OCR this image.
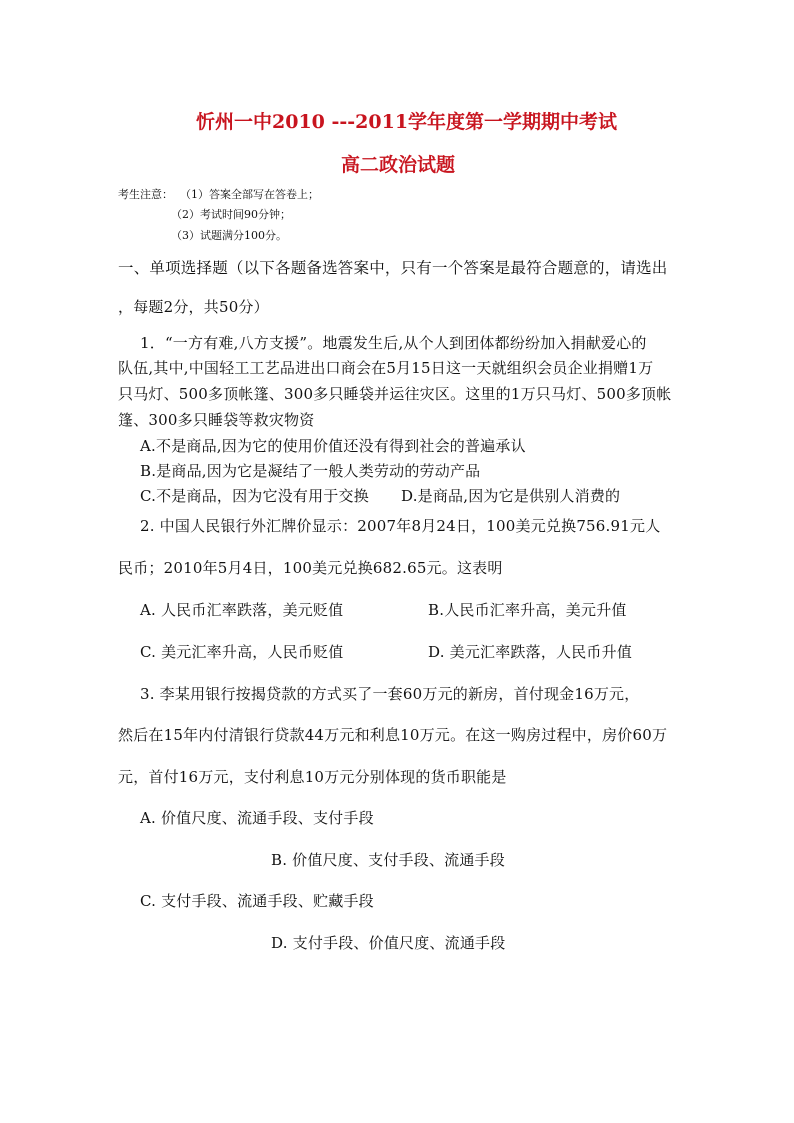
忻州一中2010 ---2011学年度第一学期期中考试
高二政治试题
考生注意： （1）答案全部写在答卷上；
（2）考试时间90分钟；
（3）试题满分100分。
一、单项选择题（以下各题备选答案中，只有一个答案是最符合题意的，请选出
，每题2分，共50分）
1．“一方有难,八方支援”。地震发生后,从个人到团体都纷纷加入捐献爱心的
队伍,其中,中国轻工工艺品进出口商会在5月15日这一天就组织会员企业捐赠1万
只马灯、500多顶帐篷、300多只睡袋并运往灾区。这里的1万只马灯、500多顶帐
篷、300多只睡袋等救灾物资
A.不是商品,因为它的使用价值还没有得到社会的普遍承认
B.是商品,因为它是凝结了一般人类劳动的劳动产品
C.不是商品，因为它没有用于交换 D.是商品,因为它是供别人消费的
2. 中国人民银行外汇牌价显示：2007年8月24日，100美元兑换756.91元人
民币；2010年5月4日，100美元兑换682.65元。这表明
A. 人民币汇率跌落，美元贬值	B.人民币汇率升高，美元升值
C. 美元汇率升高，人民币贬值	D. 美元汇率跌落，人民币升值
3. 李某用银行按揭贷款的方式买了一套60万元的新房，首付现金16万元，
然后在15年内付清银行贷款44万元和利息10万元。在这一购房过程中，房价60万
元，首付16万元，支付利息10万元分别体现的货币职能是
A. 价值尺度、流通手段、支付手段
B. 价值尺度、支付手段、流通手段
C. 支付手段、流通手段、贮藏手段
D. 支付手段、价值尺度、流通手段
